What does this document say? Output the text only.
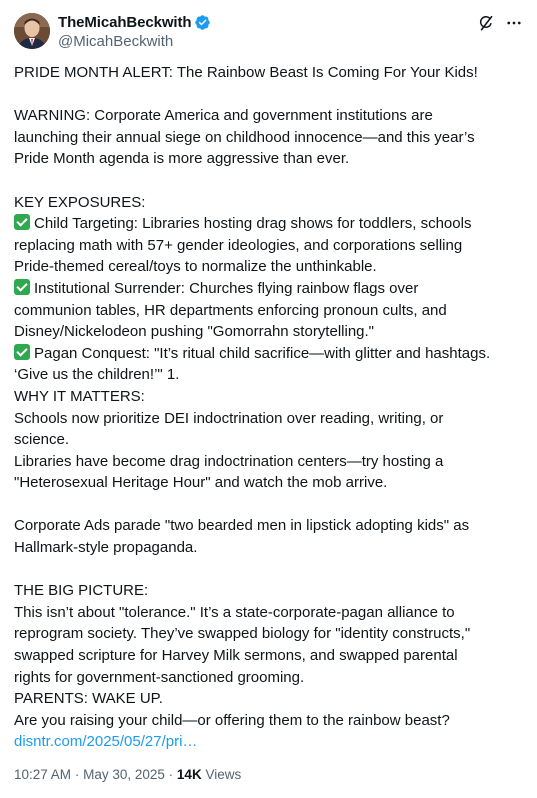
TheMicahBeckwith
@MicahBeckwith
PRIDE MONTH ALERT: The Rainbow Beast Is Coming For Your Kids!
WARNING: Corporate America and government institutions are
launching their annual siege on childhood innocence—and this year’s
Pride Month agenda is more aggressive than ever.
KEY EXPOSURES:
Child Targeting: Libraries hosting drag shows for toddlers, schools
replacing math with 57+ gender ideologies, and corporations selling
Pride-themed cereal/toys to normalize the unthinkable.
Institutional Surrender: Churches flying rainbow flags over
communion tables, HR departments enforcing pronoun cults, and
Disney/Nickelodeon pushing "Gomorrahn storytelling."
Pagan Conquest: "It’s ritual child sacrifice—with glitter and hashtags.
‘Give us the children!’" 1.
WHY IT MATTERS:
Schools now prioritize DEI indoctrination over reading, writing, or
science.
Libraries have become drag indoctrination centers—try hosting a
"Heterosexual Heritage Hour" and watch the mob arrive.
Corporate Ads parade "two bearded men in lipstick adopting kids" as
Hallmark-style propaganda.
THE BIG PICTURE:
This isn’t about "tolerance." It’s a state-corporate-pagan alliance to
reprogram society. They’ve swapped biology for "identity constructs,"
swapped scripture for Harvey Milk sermons, and swapped parental
rights for government-sanctioned grooming.
PARENTS: WAKE UP.
Are you raising your child—or offering them to the rainbow beast?
disntr.com/2025/05/27/pri…
10:27 AM · May 30, 2025 · 14K Views
